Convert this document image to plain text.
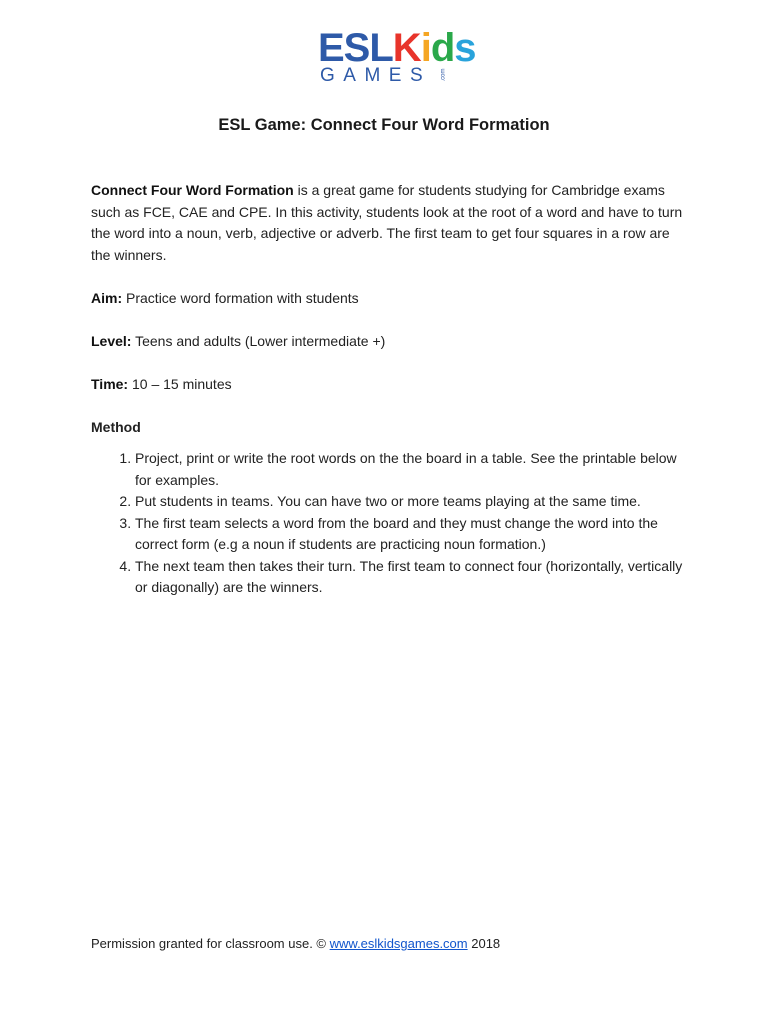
ESLKids
GAMES	.com
ESL Game: Connect Four Word Formation

Connect Four Word Formation is a great game for students studying for Cambridge exams such as FCE, CAE and CPE. In this activity, students look at the root of a word and have to turn the word into a noun, verb, adjective or adverb. The first team to get four squares in a row are the winners.

Aim: Practice word formation with students

Level: Teens and adults (Lower intermediate +)

Time: 10 – 15 minutes

Method
1. Project, print or write the root words on the the board in a table. See the printable below for examples.
2. Put students in teams. You can have two or more teams playing at the same time.
3. The first team selects a word from the board and they must change the word into the correct form (e.g a noun if students are practicing noun formation.)
4. The next team then takes their turn. The first team to connect four (horizontally, vertically or diagonally) are the winners.
Permission granted for classroom use. © www.eslkidsgames.com 2018
